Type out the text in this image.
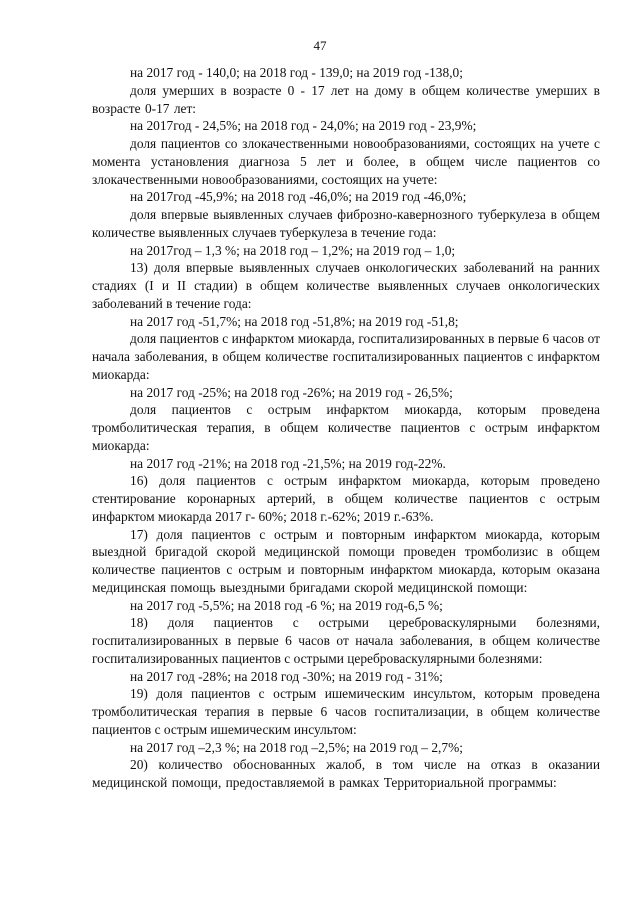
47

на 2017 год - 140,0; на 2018 год - 139,0; на 2019 год -138,0;

доля умерших в возрасте 0 - 17 лет на дому в общем количестве умерших в возрасте 0-17 лет:

на 2017год - 24,5%; на 2018 год - 24,0%; на 2019 год - 23,9%;

доля пациентов со злокачественными новообразованиями, состоящих на учете с момента установления диагноза 5 лет и более, в общем числе пациентов со злокачественными новообразованиями, состоящих на учете:

на 2017год -45,9%; на 2018 год -46,0%; на 2019 год -46,0%;

доля впервые выявленных случаев фиброзно-кавернозного туберкулеза в общем количестве выявленных случаев туберкулеза в течение года:

на 2017год – 1,3 %; на 2018 год – 1,2%; на 2019 год – 1,0;

13) доля впервые выявленных случаев онкологических заболеваний на ранних стадиях (I и II стадии) в общем количестве выявленных случаев онкологических заболеваний в течение года:

на 2017 год -51,7%; на 2018 год -51,8%; на 2019 год -51,8;

доля пациентов с инфарктом миокарда, госпитализированных в первые 6 часов от начала заболевания, в общем количестве госпитализированных пациентов с инфарктом миокарда:

на 2017 год -25%; на 2018 год -26%; на 2019 год - 26,5%;

доля пациентов с острым инфарктом миокарда, которым проведена тромболитическая терапия, в общем количестве пациентов с острым инфарктом миокарда:

на 2017 год -21%; на 2018 год -21,5%; на 2019 год-22%.

16) доля пациентов с острым инфарктом миокарда, которым проведено стентирование коронарных артерий, в общем количестве пациентов с острым инфарктом миокарда 2017 г- 60%; 2018 г.-62%; 2019 г.-63%.

17) доля пациентов с острым и повторным инфарктом миокарда, которым выездной бригадой скорой медицинской помощи проведен тромболизис в общем количестве пациентов с острым и повторным инфарктом миокарда, которым оказана медицинская помощь выездными бригадами скорой медицинской помощи:

на 2017 год -5,5%; на 2018 год -6 %; на 2019 год-6,5 %;

18) доля пациентов с острыми цереброваскулярными болезнями, госпитализированных в первые 6 часов от начала заболевания, в общем количестве госпитализированных пациентов с острыми цереброваскулярными болезнями:

на 2017 год -28%; на 2018 год -30%; на 2019 год - 31%;

19) доля пациентов с острым ишемическим инсультом, которым проведена тромболитическая терапия в первые 6 часов госпитализации, в общем количестве пациентов с острым ишемическим инсультом:

на 2017 год –2,3 %; на 2018 год –2,5%; на 2019 год – 2,7%;

20) количество обоснованных жалоб, в том числе на отказ в оказании медицинской помощи, предоставляемой в рамках Территориальной программы:
